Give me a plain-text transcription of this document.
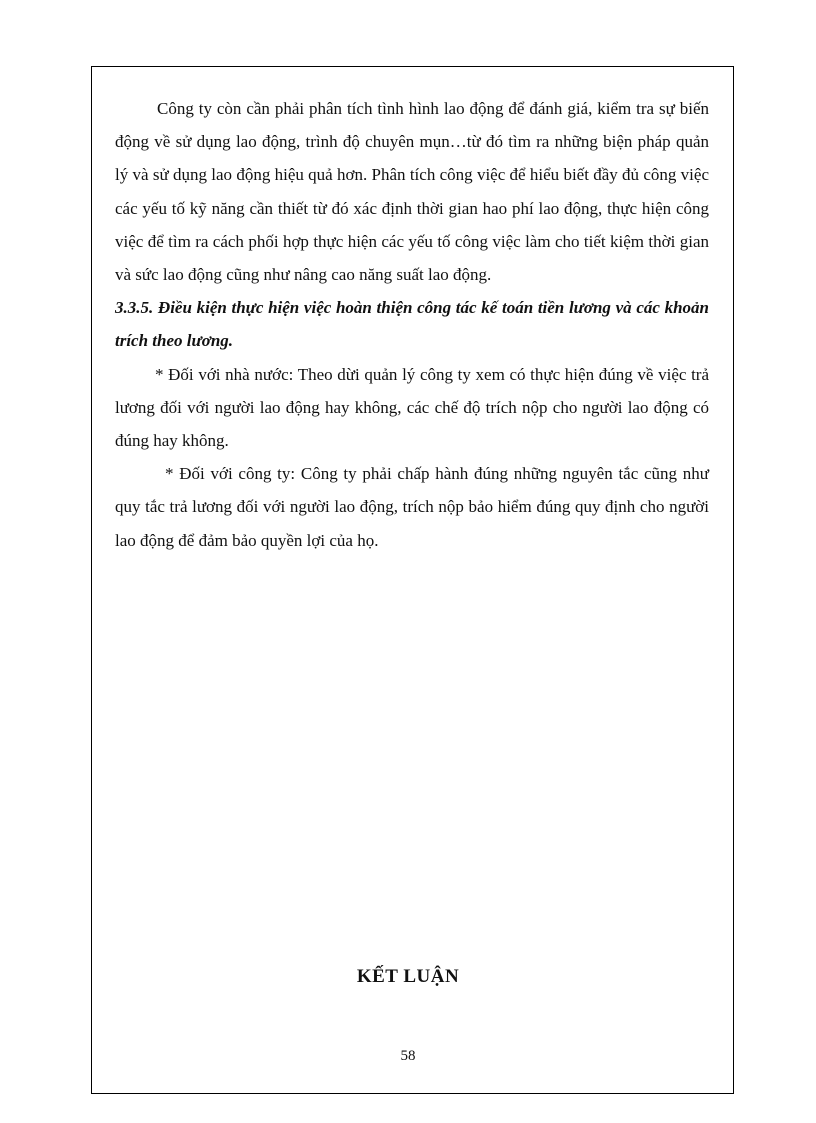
Công ty còn cần phải phân tích tình hình lao động để đánh giá, kiểm tra sự biến động về sử dụng lao động, trình độ chuyên mụn…từ đó tìm ra những biện pháp quản lý và sử dụng lao động hiệu quả hơn. Phân tích công việc để hiểu biết đầy đủ công việc các yếu tố kỹ năng cần thiết từ đó xác định thời gian hao phí lao động, thực hiện công việc để tìm ra cách phối hợp thực hiện các yếu tố công việc làm cho tiết kiệm thời gian và sức lao động cũng như nâng cao năng suất lao động.

3.3.5. Điều kiện thực hiện việc hoàn thiện công tác kế toán tiền lương và các khoản trích theo lương.

* Đối với nhà nước: Theo dừi quản lý công ty xem có thực hiện đúng về việc trả lương đối với người lao động hay không, các chế độ trích nộp cho người lao động có đúng hay không.

* Đối với công ty: Công ty phải chấp hành đúng những nguyên tắc cũng như quy tắc trả lương đối với người lao động, trích nộp bảo hiểm đúng quy định cho người lao động để đảm bảo quyền lợi của họ.

KẾT LUẬN
58
